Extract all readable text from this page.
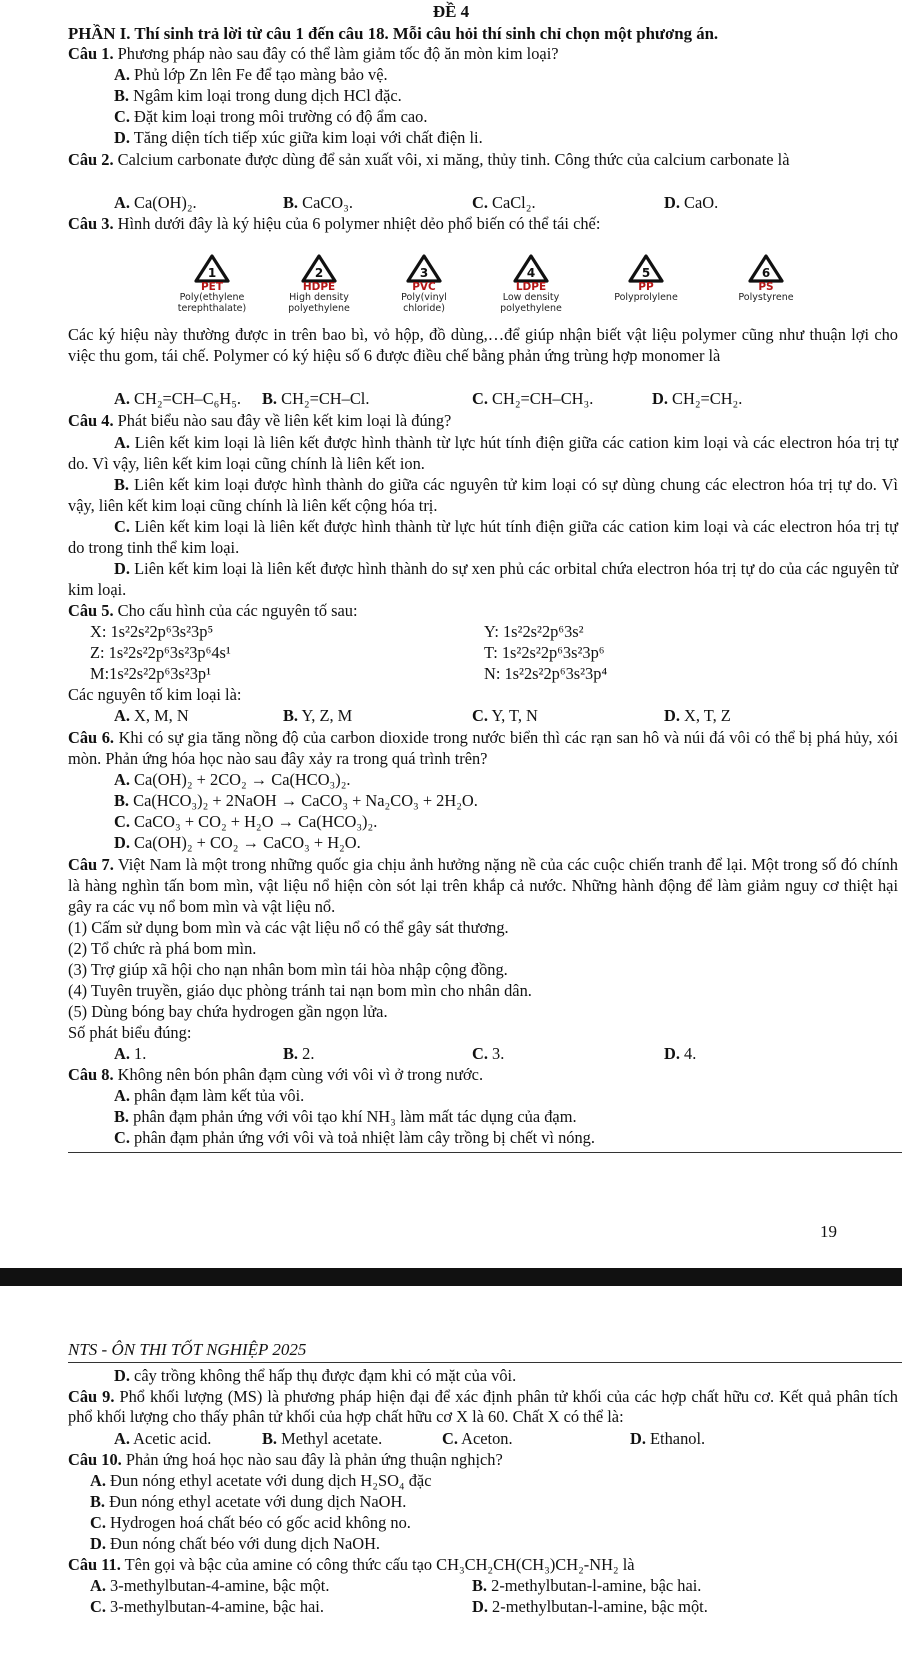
ĐỀ 4
PHẦN I. Thí sinh trả lời từ câu 1 đến câu 18. Mỗi câu hỏi thí sinh chỉ chọn một phương án.
Câu 1. Phương pháp nào sau đây có thể làm giảm tốc độ ăn mòn kim loại?
A. Phủ lớp Zn lên Fe để tạo màng bảo vệ.
B. Ngâm kim loại trong dung dịch HCl đặc.
C. Đặt kim loại trong môi trường có độ ẩm cao.
D. Tăng diện tích tiếp xúc giữa kim loại với chất điện li.
Câu 2. Calcium carbonate được dùng để sản xuất vôi, xi măng, thủy tinh. Công thức của calcium carbonate là
A. Ca(OH)₂.	B. CaCO₃.	C. CaCl₂.	D. CaO.
Câu 3. Hình dưới đây là ký hiệu của 6 polymer nhiệt dẻo phổ biến có thể tái chế:
1
PET
Poly(ethylene
terephthalate)
2
HDPE
High density
polyethylene
3
PVC
Poly(vinyl
chloride)
4
LDPE
Low density
polyethylene
5
PP
Polyprolylene
6
PS
Polystyrene
Các ký hiệu này thường được in trên bao bì, vỏ hộp, đồ dùng,…để giúp nhận biết vật liệu polymer cũng như thuận lợi cho việc thu gom, tái chế. Polymer có ký hiệu số 6 được điều chế bằng phản ứng trùng hợp monomer là
A. CH₂=CH–C₆H₅. B. CH₂=CH–Cl.	C. CH₂=CH–CH₃.	D. CH₂=CH₂.
Câu 4. Phát biểu nào sau đây về liên kết kim loại là đúng?
A. Liên kết kim loại là liên kết được hình thành từ lực hút tính điện giữa các cation kim loại và các electron hóa trị tự do. Vì vậy, liên kết kim loại cũng chính là liên kết ion.
B. Liên kết kim loại được hình thành do giữa các nguyên tử kim loại có sự dùng chung các electron hóa trị tự do. Vì vậy, liên kết kim loại cũng chính là liên kết cộng hóa trị.
C. Liên kết kim loại là liên kết được hình thành từ lực hút tính điện giữa các cation kim loại và các electron hóa trị tự do trong tinh thể kim loại.
D. Liên kết kim loại là liên kết được hình thành do sự xen phủ các orbital chứa electron hóa trị tự do của các nguyên tử kim loại.
Câu 5. Cho cấu hình của các nguyên tố sau:
X: 1s²2s²2p⁶3s²3p⁵	Y: 1s²2s²2p⁶3s²
Z: 1s²2s²2p⁶3s²3p⁶4s¹	T: 1s²2s²2p⁶3s²3p⁶
M:1s²2s²2p⁶3s²3p¹	N: 1s²2s²2p⁶3s²3p⁴
Các nguyên tố kim loại là:
A. X, M, N	B. Y, Z, M	C. Y, T, N	D. X, T, Z
Câu 6. Khi có sự gia tăng nồng độ của carbon dioxide trong nước biển thì các rạn san hô và núi đá vôi có thể bị phá hủy, xói mòn. Phản ứng hóa học nào sau đây xảy ra trong quá trình trên?
A. Ca(OH)₂ + 2CO₂ → Ca(HCO₃)₂.
B. Ca(HCO₃)₂ + 2NaOH → CaCO₃ + Na₂CO₃ + 2H₂O.
C. CaCO₃ + CO₂ + H₂O → Ca(HCO₃)₂.
D. Ca(OH)₂ + CO₂ → CaCO₃ + H₂O.
Câu 7. Việt Nam là một trong những quốc gia chịu ảnh hưởng nặng nề của các cuộc chiến tranh để lại. Một trong số đó chính là hàng nghìn tấn bom mìn, vật liệu nổ hiện còn sót lại trên khắp cả nước. Những hành động để làm giảm nguy cơ thiệt hại gây ra các vụ nổ bom mìn và vật liệu nổ.
(1) Cấm sử dụng bom mìn và các vật liệu nổ có thể gây sát thương.
(2) Tổ chức rà phá bom mìn.
(3) Trợ giúp xã hội cho nạn nhân bom mìn tái hòa nhập cộng đồng.
(4) Tuyên truyền, giáo dục phòng tránh tai nạn bom mìn cho nhân dân.
(5) Dùng bóng bay chứa hydrogen gần ngọn lửa.
Số phát biểu đúng:
A. 1.	B. 2.	C. 3.	D. 4.
Câu 8. Không nên bón phân đạm cùng với vôi vì ở trong nước.
A. phân đạm làm kết tủa vôi.
B. phân đạm phản ứng với vôi tạo khí NH₃ làm mất tác dụng của đạm.
C. phân đạm phản ứng với vôi và toả nhiệt làm cây trồng bị chết vì nóng.
19
NTS - ÔN THI TỐT NGHIỆP 2025
D. cây trồng không thể hấp thụ được đạm khi có mặt của vôi.
Câu 9. Phổ khối lượng (MS) là phương pháp hiện đại để xác định phân tử khối của các hợp chất hữu cơ. Kết quả phân tích phổ khối lượng cho thấy phân tử khối của hợp chất hữu cơ X là 60. Chất X có thể là:
A. Acetic acid.	B. Methyl acetate.	C. Aceton.	D. Ethanol.
Câu 10. Phản ứng hoá học nào sau đây là phản ứng thuận nghịch?
A. Đun nóng ethyl acetate với dung dịch H₂SO₄ đặc
B. Đun nóng ethyl acetate với dung dịch NaOH.
C. Hydrogen hoá chất béo có gốc acid không no.
D. Đun nóng chất béo với dung dịch NaOH.
Câu 11. Tên gọi và bậc của amine có công thức cấu tạo CH₃CH₂CH(CH₃)CH₂-NH₂ là
A. 3-methylbutan-4-amine, bậc một.	B. 2-methylbutan-l-amine, bậc hai.
C. 3-methylbutan-4-amine, bậc hai.	D. 2-methylbutan-l-amine, bậc một.
